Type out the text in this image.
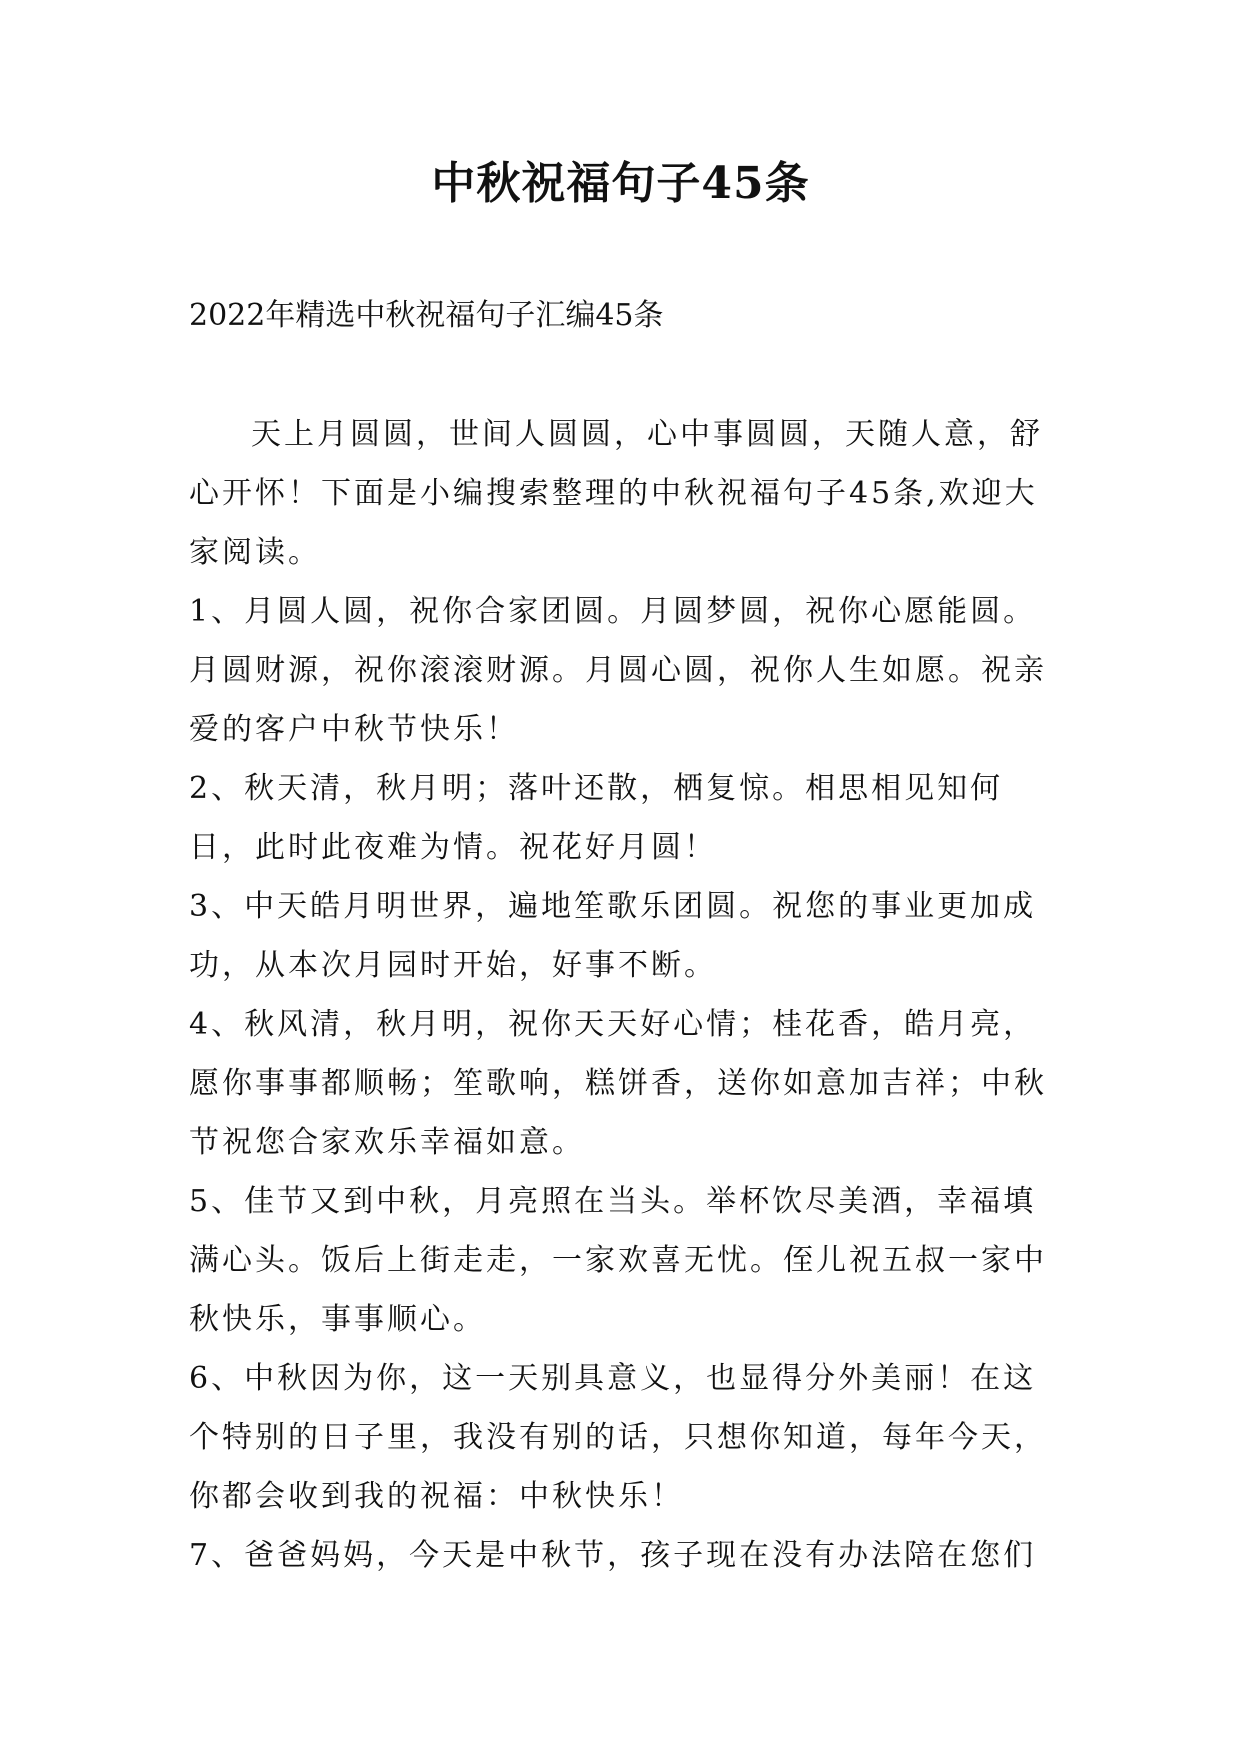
中秋祝福句子45条

2022年精选中秋祝福句子汇编45条

天上月圆圆，世间人圆圆，心中事圆圆，天随人意，舒心开怀！下面是小编搜索整理的中秋祝福句子45条,欢迎大家阅读。

1、月圆人圆，祝你合家团圆。月圆梦圆，祝你心愿能圆。月圆财源，祝你滚滚财源。月圆心圆，祝你人生如愿。祝亲爱的客户中秋节快乐！

2、秋天清，秋月明；落叶还散，栖复惊。相思相见知何日，此时此夜难为情。祝花好月圆！

3、中天皓月明世界，遍地笙歌乐团圆。祝您的事业更加成功，从本次月园时开始，好事不断。

4、秋风清，秋月明，祝你天天好心情；桂花香，皓月亮，愿你事事都顺畅；笙歌响，糕饼香，送你如意加吉祥；中秋节祝您合家欢乐幸福如意。

5、佳节又到中秋，月亮照在当头。举杯饮尽美酒，幸福填满心头。饭后上街走走，一家欢喜无忧。侄儿祝五叔一家中秋快乐，事事顺心。

6、中秋因为你，这一天别具意义，也显得分外美丽！在这个特别的日子里，我没有别的话，只想你知道，每年今天，你都会收到我的祝福：中秋快乐！

7、爸爸妈妈，今天是中秋节，孩子现在没有办法陪在您们
